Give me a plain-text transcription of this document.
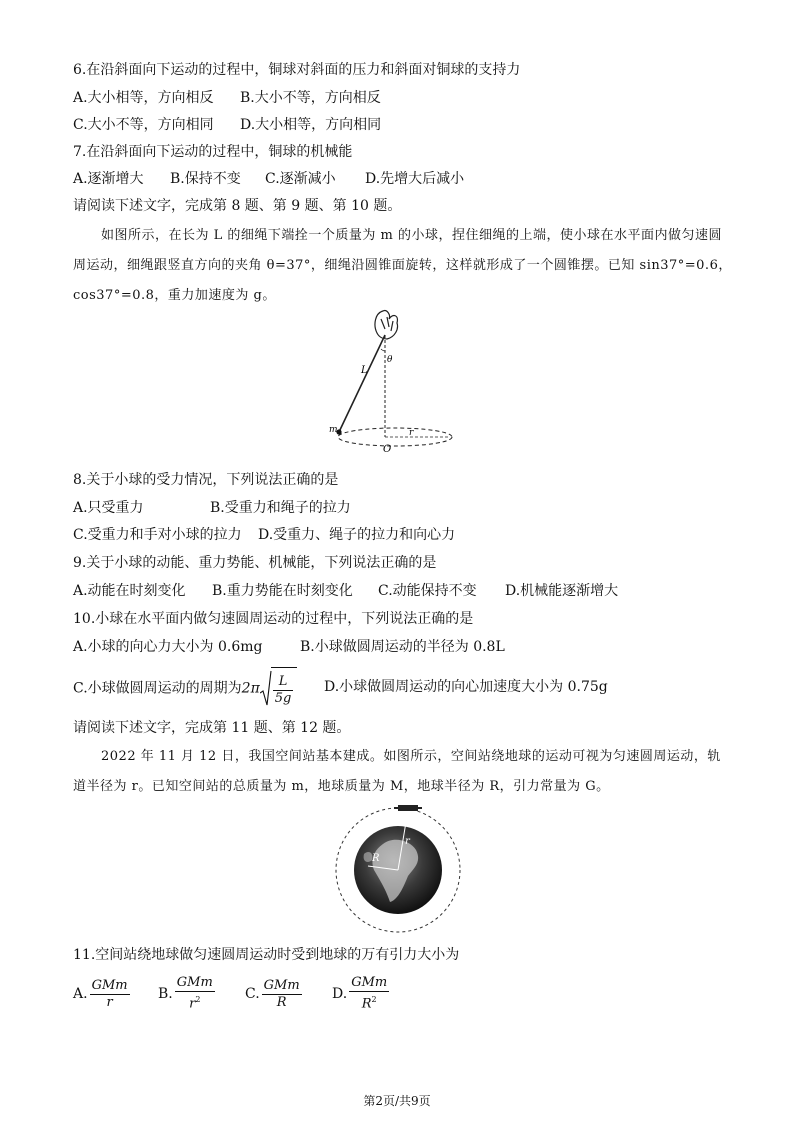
6.在沿斜面向下运动的过程中，铜球对斜面的压力和斜面对铜球的支持力
A.大小相等，方向相反 B.大小不等，方向相反
C.大小不等，方向相同 D.大小相等，方向相同
7.在沿斜面向下运动的过程中，铜球的机械能
A.逐渐增大 B.保持不变 C.逐渐减小 D.先增大后减小
请阅读下述文字，完成第 8 题、第 9 题、第 10 题。
如图所示，在长为 L 的细绳下端拴一个质量为 m 的小球，捏住细绳的上端，使小球在水平面内做匀速圆周运动，细绳跟竖直方向的夹角 θ=37°，细绳沿圆锥面旋转，这样就形成了一个圆锥摆。已知 sin37°=0.6，cos37°=0.8，重力加速度为 g。
L
θ
m	r
O
8.关于小球的受力情况，下列说法正确的是
A.只受重力	B.受重力和绳子的拉力
C.受重力和手对小球的拉力 D.受重力、绳子的拉力和向心力
9.关于小球的动能、重力势能、机械能，下列说法正确的是
A.动能在时刻变化 B.重力势能在时刻变化 C.动能保持不变 D.机械能逐渐增大
10.小球在水平面内做匀速圆周运动的过程中，下列说法正确的是
A.小球的向心力大小为 0.6mg	B.小球做圆周运动的半径为 0.8L
C.小球做圆周运动的周期为$2\pi \frac{L}{5g} D$.小球做圆周运动的向心加速度大小为 0.75g
请阅读下述文字，完成第 11 题、第 12 题。
2022 年 11 月 12 日，我国空间站基本建成。如图所示，空间站绕地球的运动可视为匀速圆周运动，轨道半径为 r。已知空间站的总质量为 m，地球质量为 M，地球半径为 R，引力常量为 G。
R
r
11.空间站绕地球做匀速圆周运动时受到地球的万有引力大小为
A. $\frac{\text{GMm}}{r} B$. $\frac{\text{GMm}}{r^2} C$. $\frac{\text{GMm}}{R} D$. $\frac{\text{GMm}}{R^2}$
第2页/共9页
